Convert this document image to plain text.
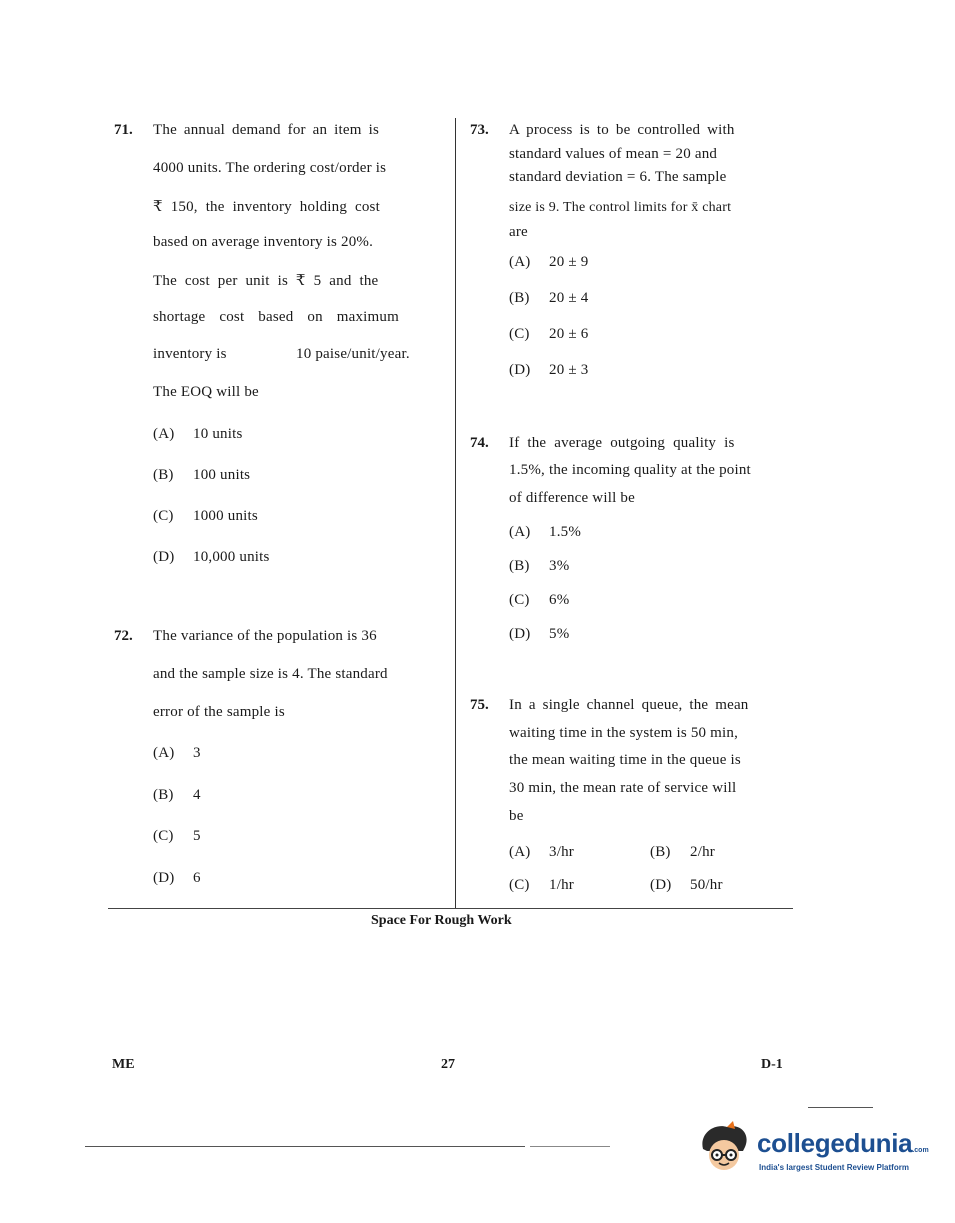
71. The annual demand for an item is
4000 units. The ordering cost/order is
₹ 150, the inventory holding cost
based on average inventory is 20%.
The cost per unit is ₹ 5 and the
shortage cost based on maximum
inventory is	10 paise/unit/year.
The EOQ will be
(A) 10 units
(B) 100 units
(C) 1000 units
(D) 10,000 units
72. The variance of the population is 36
and the sample size is 4. The standard
error of the sample is
(A) 3
(B) 4
(C) 5
(D) 6
73. A process is to be controlled with
standard values of mean = 20 and
standard deviation = 6. The sample
size is 9. The control limits for x̄ chart
are
(A) 20 ± 9
(B) 20 ± 4
(C) 20 ± 6
(D) 20 ± 3
74. If the average outgoing quality is
1.5%, the incoming quality at the point
of difference will be
(A) 1.5%
(B) 3%
(C) 6%
(D) 5%
75. In a single channel queue, the mean
waiting time in the system is 50 min,
the mean waiting time in the queue is
30 min, the mean rate of service will
be
(A) 3/hr	(B) 2/hr
(C) 1/hr	(D) 50/hr
Space For Rough Work
ME	27	D-1
collegedunia.com
India's largest Student Review Platform
